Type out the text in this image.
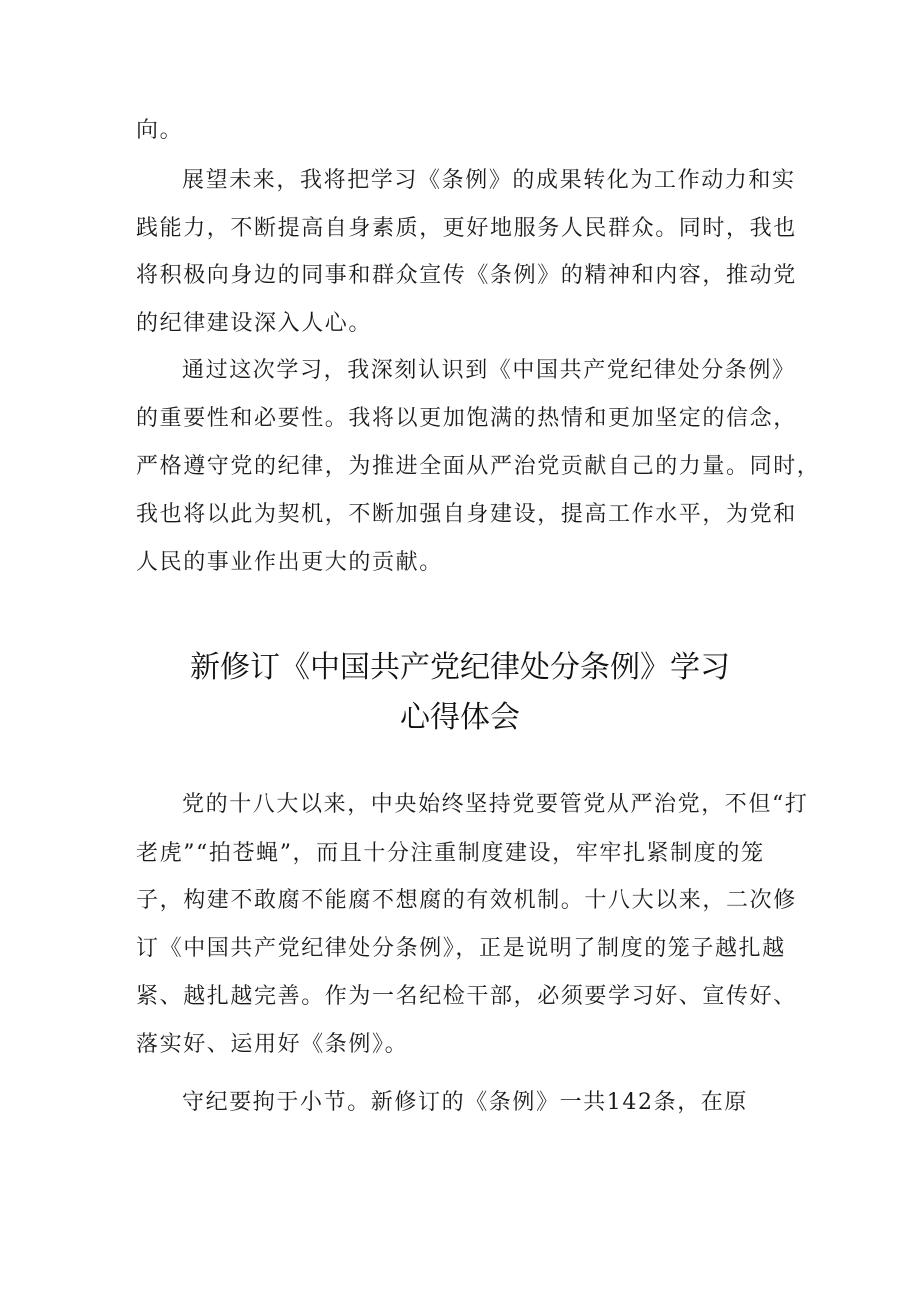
向。
展望未来，我将把学习《条例》的成果转化为工作动力和实
践能力，不断提高自身素质，更好地服务人民群众。同时，我也
将积极向身边的同事和群众宣传《条例》的精神和内容，推动党
的纪律建设深入人心。
通过这次学习，我深刻认识到《中国共产党纪律处分条例》
的重要性和必要性。我将以更加饱满的热情和更加坚定的信念，
严格遵守党的纪律，为推进全面从严治党贡献自己的力量。同时，
我也将以此为契机，不断加强自身建设，提高工作水平，为党和
人民的事业作出更大的贡献。
新修订《中国共产党纪律处分条例》学习
心得体会
党的十八大以来，中央始终坚持党要管党从严治党，不但“打
老虎”“拍苍蝇”，而且十分注重制度建设，牢牢扎紧制度的笼
子，构建不敢腐不能腐不想腐的有效机制。十八大以来，二次修
订《中国共产党纪律处分条例》，正是说明了制度的笼子越扎越
紧、越扎越完善。作为一名纪检干部，必须要学习好、宣传好、
落实好、运用好《条例》。
守纪要拘于小节。新修订的《条例》一共142条，在原
